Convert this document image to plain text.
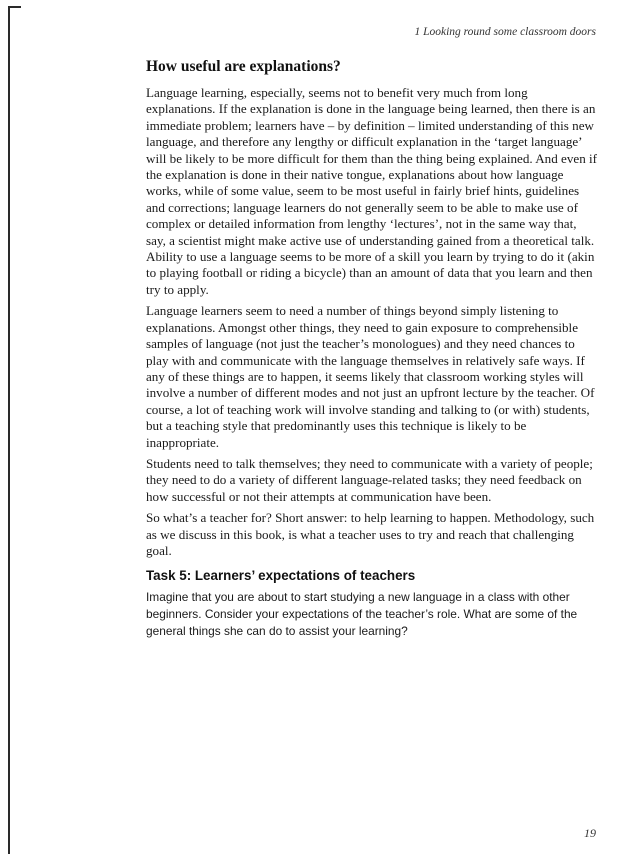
1 Looking round some classroom doors
How useful are explanations?

Language learning, especially, seems not to benefit very much from long explanations. If the explanation is done in the language being learned, then there is an immediate problem; learners have – by definition – limited understanding of this new language, and therefore any lengthy or difficult explanation in the ‘target language’ will be likely to be more difficult for them than the thing being explained. And even if the explanation is done in their native tongue, explanations about how language works, while of some value, seem to be most useful in fairly brief hints, guidelines and corrections; language learners do not generally seem to be able to make use of complex or detailed information from lengthy ‘lectures’, not in the same way that, say, a scientist might make active use of understanding gained from a theoretical talk. Ability to use a language seems to be more of a skill you learn by trying to do it (akin to playing football or riding a bicycle) than an amount of data that you learn and then try to apply.

Language learners seem to need a number of things beyond simply listening to explanations. Amongst other things, they need to gain exposure to comprehensible samples of language (not just the teacher’s monologues) and they need chances to play with and communicate with the language themselves in relatively safe ways. If any of these things are to happen, it seems likely that classroom working styles will involve a number of different modes and not just an upfront lecture by the teacher. Of course, a lot of teaching work will involve standing and talking to (or with) students, but a teaching style that predominantly uses this technique is likely to be inappropriate.

Students need to talk themselves; they need to communicate with a variety of people; they need to do a variety of different language-related tasks; they need feedback on how successful or not their attempts at communication have been.

So what’s a teacher for? Short answer: to help learning to happen. Methodology, such as we discuss in this book, is what a teacher uses to try and reach that challenging goal.

Task 5: Learners’ expectations of teachers

Imagine that you are about to start studying a new language in a class with other beginners. Consider your expectations of the teacher’s role. What are some of the general things she can do to assist your learning?

19
